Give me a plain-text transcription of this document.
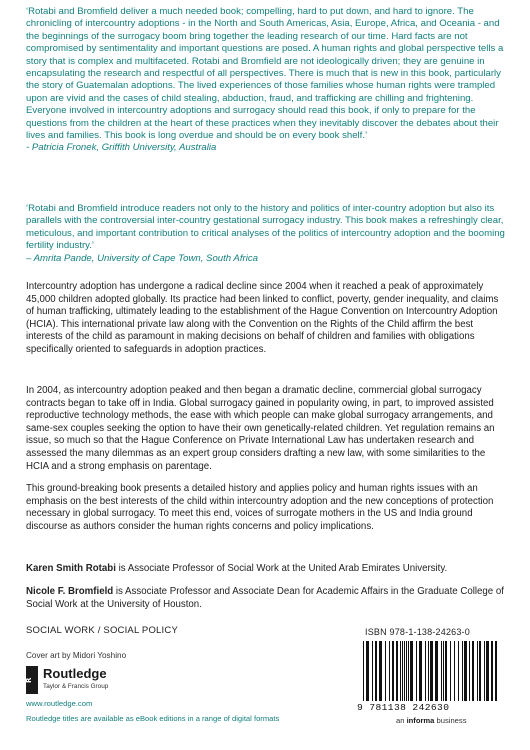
‘Rotabi and Bromfield deliver a much needed book; compelling, hard to put down, and hard to ignore. The chronicling of intercountry adoptions - in the North and South Americas, Asia, Europe, Africa, and Oceania - and the beginnings of the surrogacy boom bring together the leading research of our time. Hard facts are not compromised by sentimentality and important questions are posed. A human rights and global perspective tells a story that is complex and multifaceted. Rotabi and Bromfield are not ideologically driven; they are genuine in encapsulating the research and respectful of all perspectives. There is much that is new in this book, particularly the story of Guatemalan adoptions. The lived experiences of those families whose human rights were trampled upon are vivid and the cases of child stealing, abduction, fraud, and trafficking are chilling and frightening. Everyone involved in intercountry adoptions and surrogacy should read this book, if only to prepare for the questions from the children at the heart of these practices when they inevitably discover the debates about their lives and families. This book is long overdue and should be on every book shelf.’
- Patricia Fronek, Griffith University, Australia

‘Rotabi and Bromfield introduce readers not only to the history and politics of inter-country adoption but also its parallels with the controversial inter-country gestational surrogacy industry. This book makes a refreshingly clear, meticulous, and important contribution to critical analyses of the politics of intercountry adoption and the booming fertility industry.’
– Amrita Pande, University of Cape Town, South Africa

Intercountry adoption has undergone a radical decline since 2004 when it reached a peak of approximately 45,000 children adopted globally. Its practice had been linked to conflict, poverty, gender inequality, and claims of human trafficking, ultimately leading to the establishment of the Hague Convention on Intercountry Adoption (HCIA). This international private law along with the Convention on the Rights of the Child affirm the best interests of the child as paramount in making decisions on behalf of children and families with obligations specifically oriented to safeguards in adoption practices.

In 2004, as intercountry adoption peaked and then began a dramatic decline, commercial global surrogacy contracts began to take off in India. Global surrogacy gained in popularity owing, in part, to improved assisted reproductive technology methods, the ease with which people can make global surrogacy arrangements, and same-sex couples seeking the option to have their own genetically-related children. Yet regulation remains an issue, so much so that the Hague Conference on Private International Law has undertaken research and assessed the many dilemmas as an expert group considers drafting a new law, with some similarities to the HCIA and a strong emphasis on parentage.

This ground-breaking book presents a detailed history and applies policy and human rights issues with an emphasis on the best interests of the child within intercountry adoption and the new conceptions of protection necessary in global surrogacy. To meet this end, voices of surrogate mothers in the US and India ground discourse as authors consider the human rights concerns and policy implications.

Karen Smith Rotabi is Associate Professor of Social Work at the United Arab Emirates University.

Nicole F. Bromfield is Associate Professor and Associate Dean for Academic Affairs in the Graduate College of Social Work at the University of Houston.

SOCIAL WORK / SOCIAL POLICY
Cover art by Midori Yoshino
R Routledge
Taylor & Francis Group
www.routledge.com
Routledge titles are available as eBook editions in a range of digital formats
ISBN 978-1-138-24263-0
9 781138 242630
an informa business
